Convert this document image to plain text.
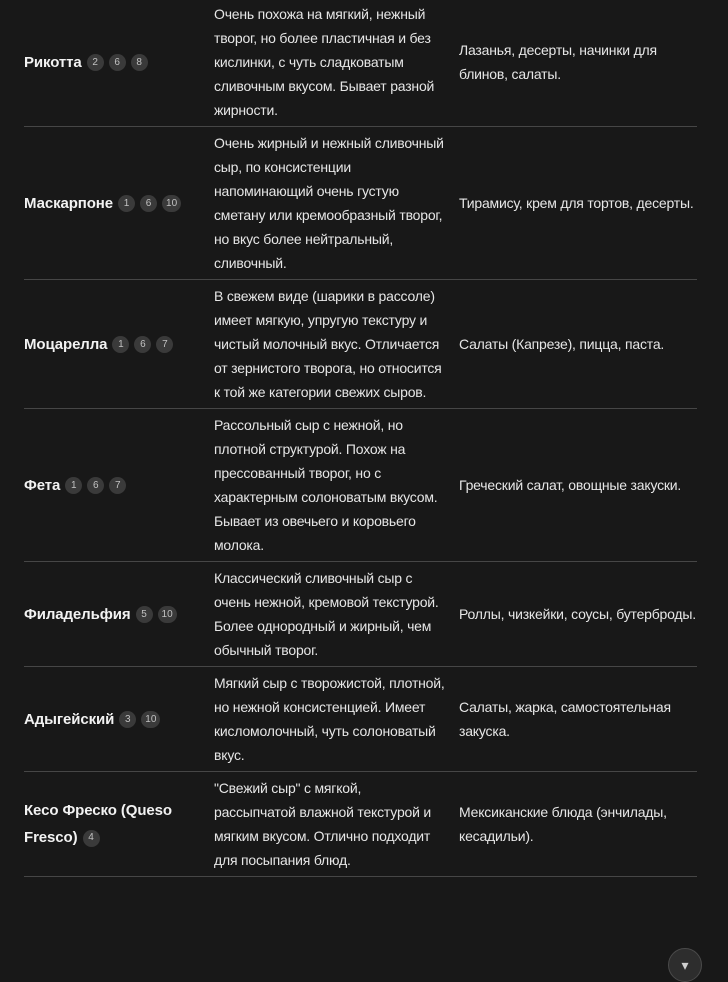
Рикотта 2 6 8	Очень похожа на мягкий, нежный творог, но более пластичная и без кислинки, с чуть сладковатым сливочным вкусом. Бывает разной жирности.	Лазанья, десерты, начинки для блинов, салаты.
Маскарпоне 1 6 10	Очень жирный и нежный сливочный сыр, по консистенции напоминающий очень густую сметану или кремообразный творог, но вкус более нейтральный, сливочный.	Тирамису, крем для тортов, десерты.
Моцарелла 1 6 7	В свежем виде (шарики в рассоле) имеет мягкую, упругую текстуру и чистый молочный вкус. Отличается от зернистого творога, но относится к той же категории свежих сыров.	Салаты (Капрезе), пицца, паста.
Фета 1 6 7	Рассольный сыр с нежной, но плотной структурой. Похож на прессованный творог, но с характерным солоноватым вкусом. Бывает из овечьего и коровьего молока.	Греческий салат, овощные закуски.
Филадельфия 5 10	Классический сливочный сыр с очень нежной, кремовой текстурой. Более однородный и жирный, чем обычный творог.	Роллы, чизкейки, соусы, бутерброды.
Адыгейский 3 10	Мягкий сыр с творожистой, плотной, но нежной консистенцией. Имеет кисломолочный, чуть солоноватый вкус.	Салаты, жарка, самостоятельная закуска.
Кесо Фреско (Queso Fresco) 4	"Свежий сыр" с мягкой, рассыпчатой влажной текстурой и мягким вкусом. Отлично подходит для посыпания блюд.	Мексиканские блюда (энчилады, кесадильи).
▾
